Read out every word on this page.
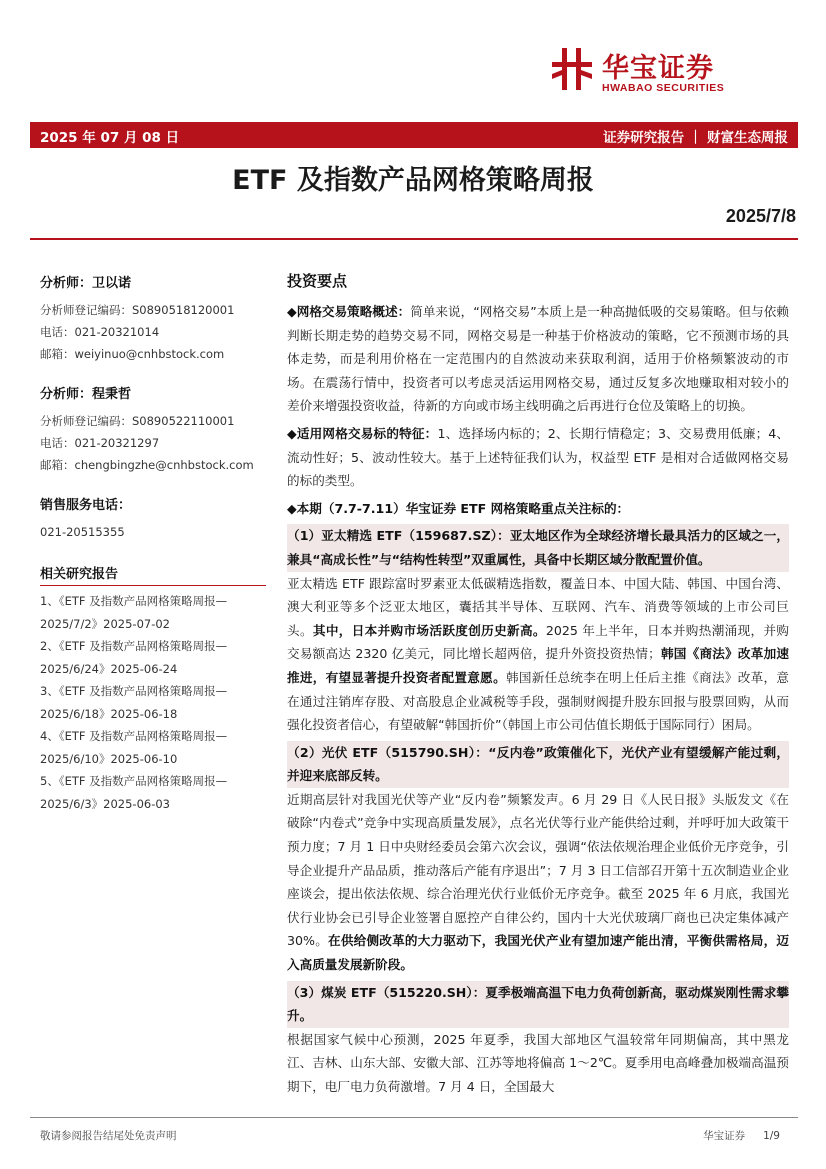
华宝证券
HWABAO SECURITIES
2025 年 07 月 08 日	证券研究报告 ｜ 财富生态周报
ETF 及指数产品网格策略周报
2025/7/8
分析师：卫以诺
分析师登记编码：S0890518120001
电话：021-20321014
邮箱：weiyinuo@cnhbstock.com
分析师：程秉哲
分析师登记编码：S0890522110001
电话：021-20321297
邮箱：chengbingzhe@cnhbstock.com
销售服务电话：
021-20515355
相关研究报告
1、《ETF 及指数产品网格策略周报—
2025/7/2》2025-07-02
2、《ETF 及指数产品网格策略周报—
2025/6/24》2025-06-24
3、《ETF 及指数产品网格策略周报—
2025/6/18》2025-06-18
4、《ETF 及指数产品网格策略周报—
2025/6/10》2025-06-10
5、《ETF 及指数产品网格策略周报—
2025/6/3》2025-06-03
投资要点

◆网格交易策略概述：简单来说，“网格交易”本质上是一种高抛低吸的交易策略。但与依赖判断长期走势的趋势交易不同，网格交易是一种基于价格波动的策略，它不预测市场的具体走势，而是利用价格在一定范围内的自然波动来获取利润，适用于价格频繁波动的市场。在震荡行情中，投资者可以考虑灵活运用网格交易，通过反复多次地赚取相对较小的差价来增强投资收益，待新的方向或市场主线明确之后再进行仓位及策略上的切换。

◆适用网格交易标的特征：1、选择场内标的；2、长期行情稳定；3、交易费用低廉；4、流动性好；5、波动性较大。基于上述特征我们认为，权益型 ETF 是相对合适做网格交易的标的类型。

◆本期（7.7-7.11）华宝证券 ETF 网格策略重点关注标的：

（1）亚太精选 ETF（159687.SZ）：亚太地区作为全球经济增长最具活力的区域之一，兼具“高成长性”与“结构性转型”双重属性，具备中长期区域分散配置价值。

亚太精选 ETF 跟踪富时罗素亚太低碳精选指数，覆盖日本、中国大陆、韩国、中国台湾、澳大利亚等多个泛亚太地区，囊括其半导体、互联网、汽车、消费等领域的上市公司巨头。其中，日本并购市场活跃度创历史新高。2025 年上半年，日本并购热潮涌现，并购交易额高达 2320 亿美元，同比增长超两倍，提升外资投资热情；韩国《商法》改革加速推进，有望显著提升投资者配置意愿。韩国新任总统李在明上任后主推《商法》改革，意在通过注销库存股、对高股息企业减税等手段，强制财阀提升股东回报与股票回购，从而强化投资者信心，有望破解“韩国折价”（韩国上市公司估值长期低于国际同行）困局。

（2）光伏 ETF（515790.SH）：“反内卷”政策催化下，光伏产业有望缓解产能过剩，并迎来底部反转。

近期高层针对我国光伏等产业“反内卷”频繁发声。6 月 29 日《人民日报》头版发文《在破除“内卷式”竞争中实现高质量发展》，点名光伏等行业产能供给过剩，并呼吁加大政策干预力度；7 月 1 日中央财经委员会第六次会议，强调“依法依规治理企业低价无序竞争，引导企业提升产品品质，推动落后产能有序退出”；7 月 3 日工信部召开第十五次制造业企业座谈会，提出依法依规、综合治理光伏行业低价无序竞争。截至 2025 年 6 月底，我国光伏行业协会已引导企业签署自愿控产自律公约，国内十大光伏玻璃厂商也已决定集体减产 30%。在供给侧改革的大力驱动下，我国光伏产业有望加速产能出清，平衡供需格局，迈入高质量发展新阶段。

（3）煤炭 ETF（515220.SH）：夏季极端高温下电力负荷创新高，驱动煤炭刚性需求攀升。

根据国家气候中心预测，2025 年夏季，我国大部地区气温较常年同期偏高，其中黑龙江、吉林、山东大部、安徽大部、江苏等地将偏高 1～2℃。夏季用电高峰叠加极端高温预期下，电厂电力负荷激增。7 月 4 日，全国最大

敬请参阅报告结尾处免责声明	华宝证券 1/9
